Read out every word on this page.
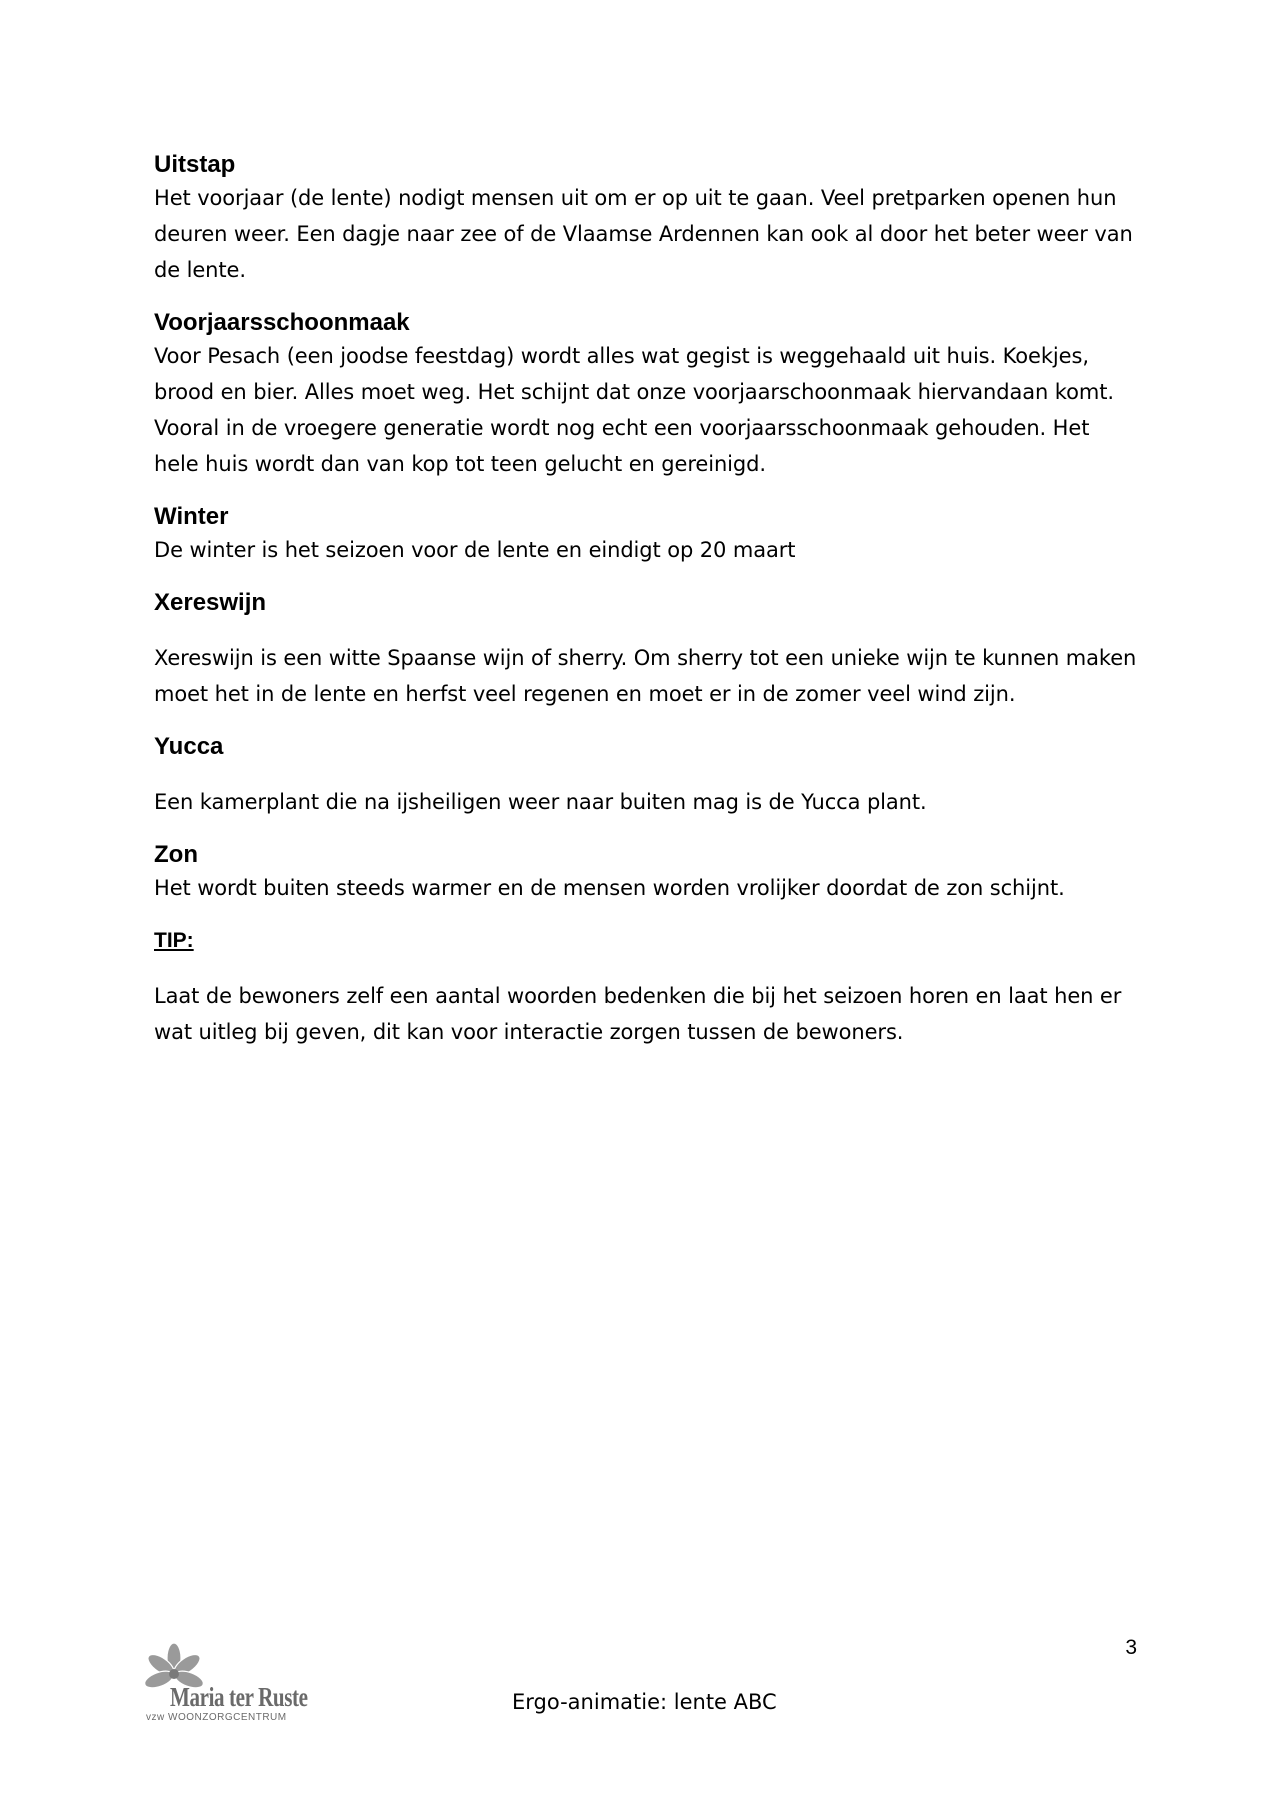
Uitstap

Het voorjaar (de lente) nodigt mensen uit om er op uit te gaan. Veel pretparken openen hun deuren weer. Een dagje naar zee of de Vlaamse Ardennen kan ook al door het beter weer van de lente.

Voorjaarsschoonmaak

Voor Pesach (een joodse feestdag) wordt alles wat gegist is weggehaald uit huis. Koekjes, brood en bier. Alles moet weg. Het schijnt dat onze voorjaarschoonmaak hiervandaan komt. Vooral in de vroegere generatie wordt nog echt een voorjaarsschoonmaak gehouden. Het hele huis wordt dan van kop tot teen gelucht en gereinigd.

Winter

De winter is het seizoen voor de lente en eindigt op 20 maart

Xereswijn

Xereswijn is een witte Spaanse wijn of sherry. Om sherry tot een unieke wijn te kunnen maken moet het in de lente en herfst veel regenen en moet er in de zomer veel wind zijn.

Yucca

Een kamerplant die na ijsheiligen weer naar buiten mag is de Yucca plant.

Zon

Het wordt buiten steeds warmer en de mensen worden vrolijker doordat de zon schijnt.

TIP:

Laat de bewoners zelf een aantal woorden bedenken die bij het seizoen horen en laat hen er wat uitleg bij geven, dit kan voor interactie zorgen tussen de bewoners.

3
Maria ter Ruste
vzw WOONZORGCENTRUM
Ergo-animatie: lente ABC
